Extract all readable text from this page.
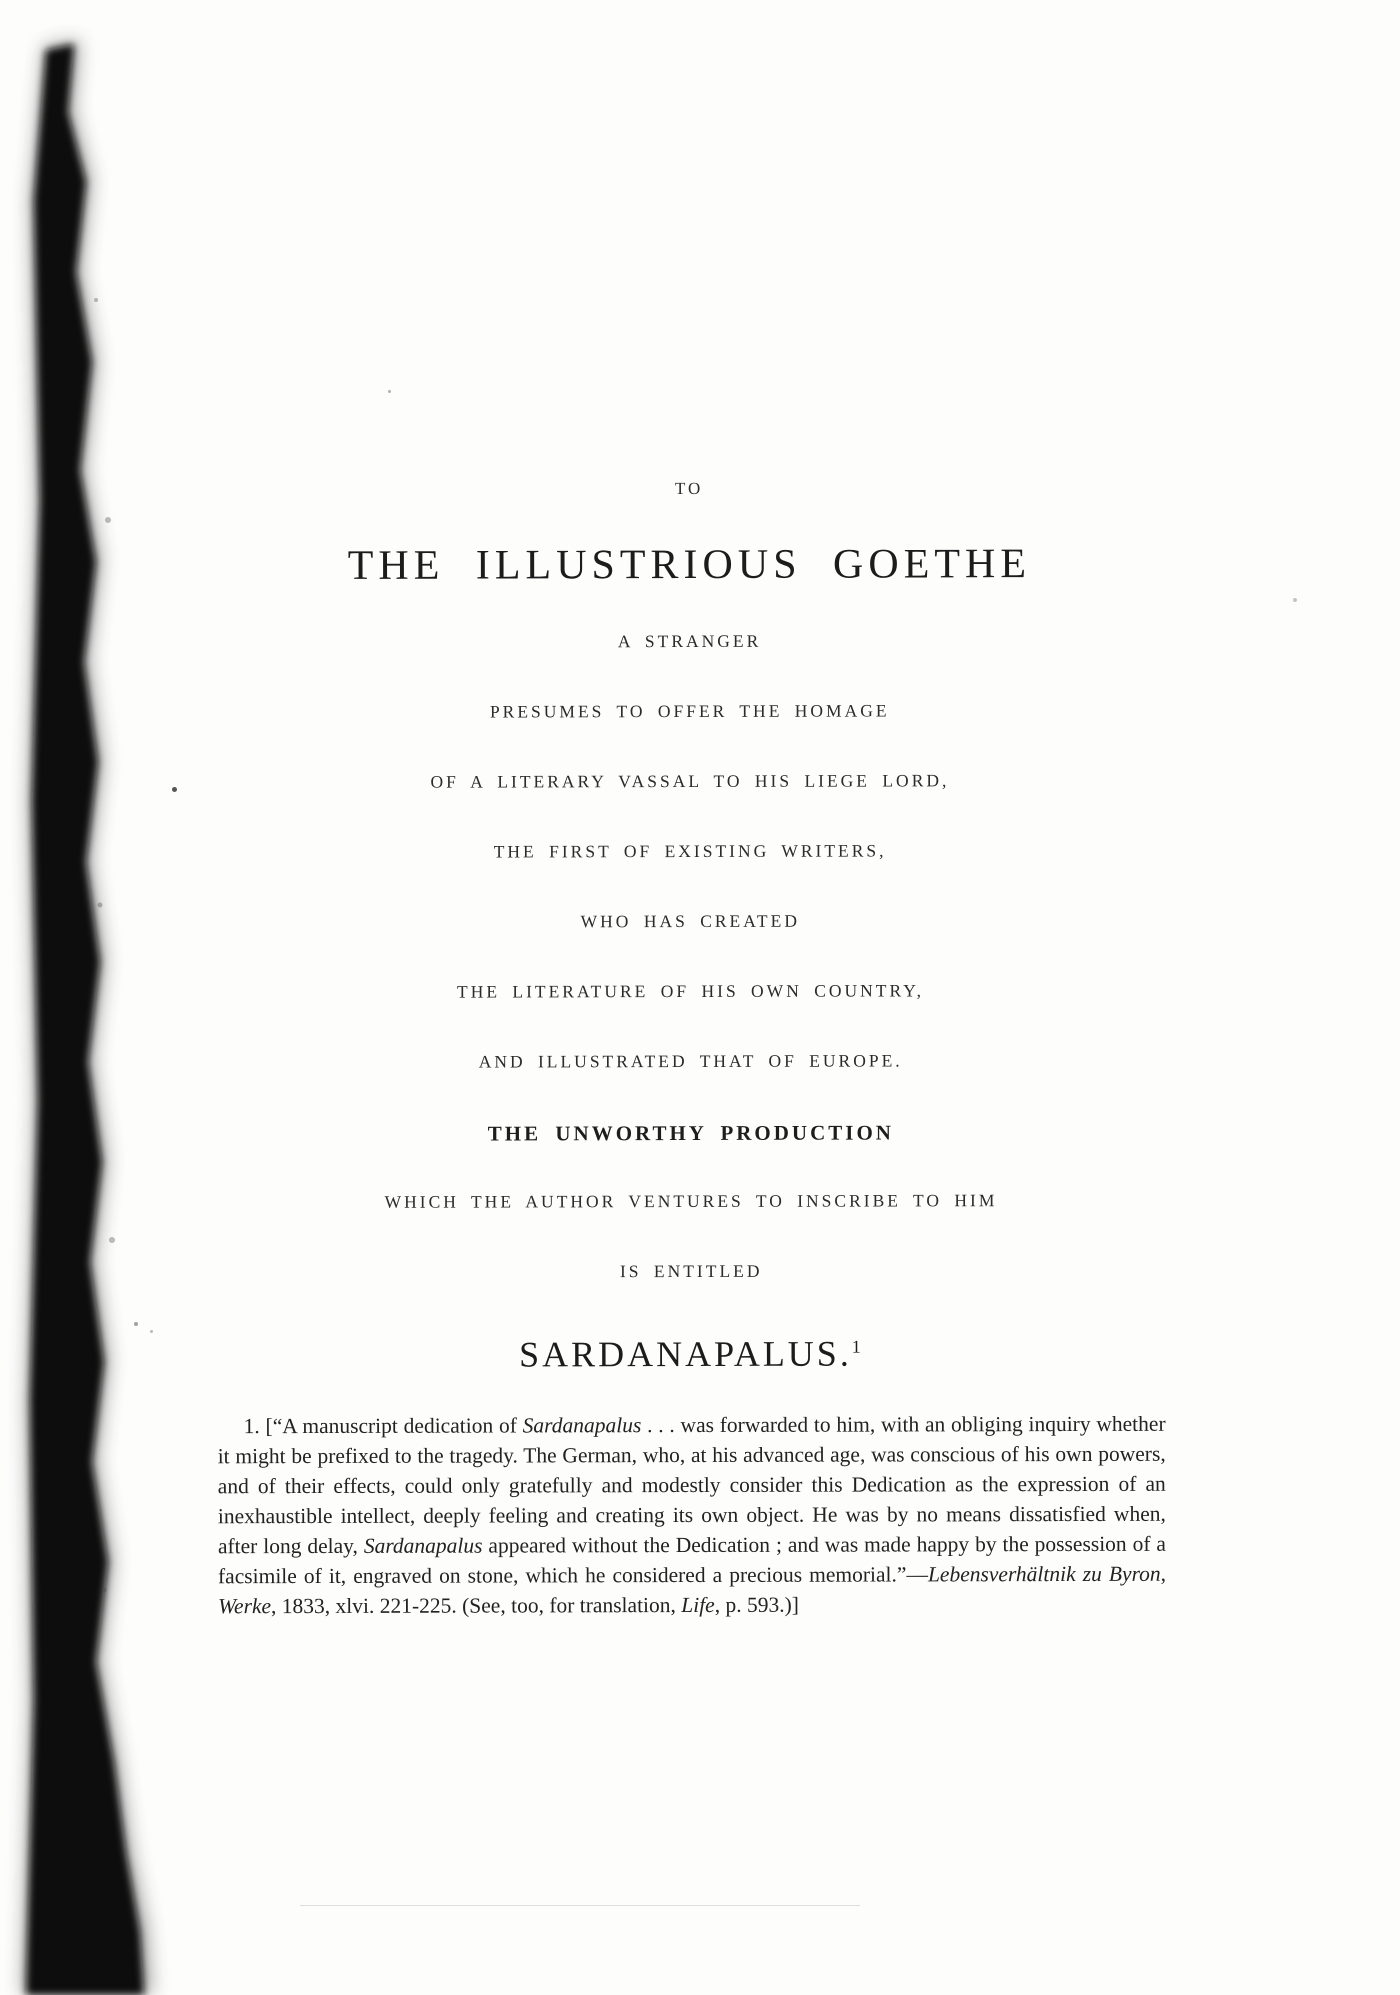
TO
THE ILLUSTRIOUS GOETHE
A STRANGER
PRESUMES TO OFFER THE HOMAGE
OF A LITERARY VASSAL TO HIS LIEGE LORD,
THE FIRST OF EXISTING WRITERS,
WHO HAS CREATED
THE LITERATURE OF HIS OWN COUNTRY,
AND ILLUSTRATED THAT OF EUROPE.
THE UNWORTHY PRODUCTION
WHICH THE AUTHOR VENTURES TO INSCRIBE TO HIM
IS ENTITLED
SARDANAPALUS.$^1$

1. [“A manuscript dedication of Sardanapalus . . . was forwarded to him, with an obliging inquiry whether it might be prefixed to the tragedy. The German, who, at his advanced age, was conscious of his own powers, and of their effects, could only gratefully and modestly consider this Dedication as the expression of an inexhaustible intellect, deeply feeling and creating its own object. He was by no means dissatisfied when, after long delay, Sardanapalus appeared without the Dedication ; and was made happy by the possession of a facsimile of it, engraved on stone, which he considered a precious memorial.”—Lebensverhältnik zu Byron, Werke, 1833, xlvi. 221-225. (See, too, for translation, Life, p. 593.)]
